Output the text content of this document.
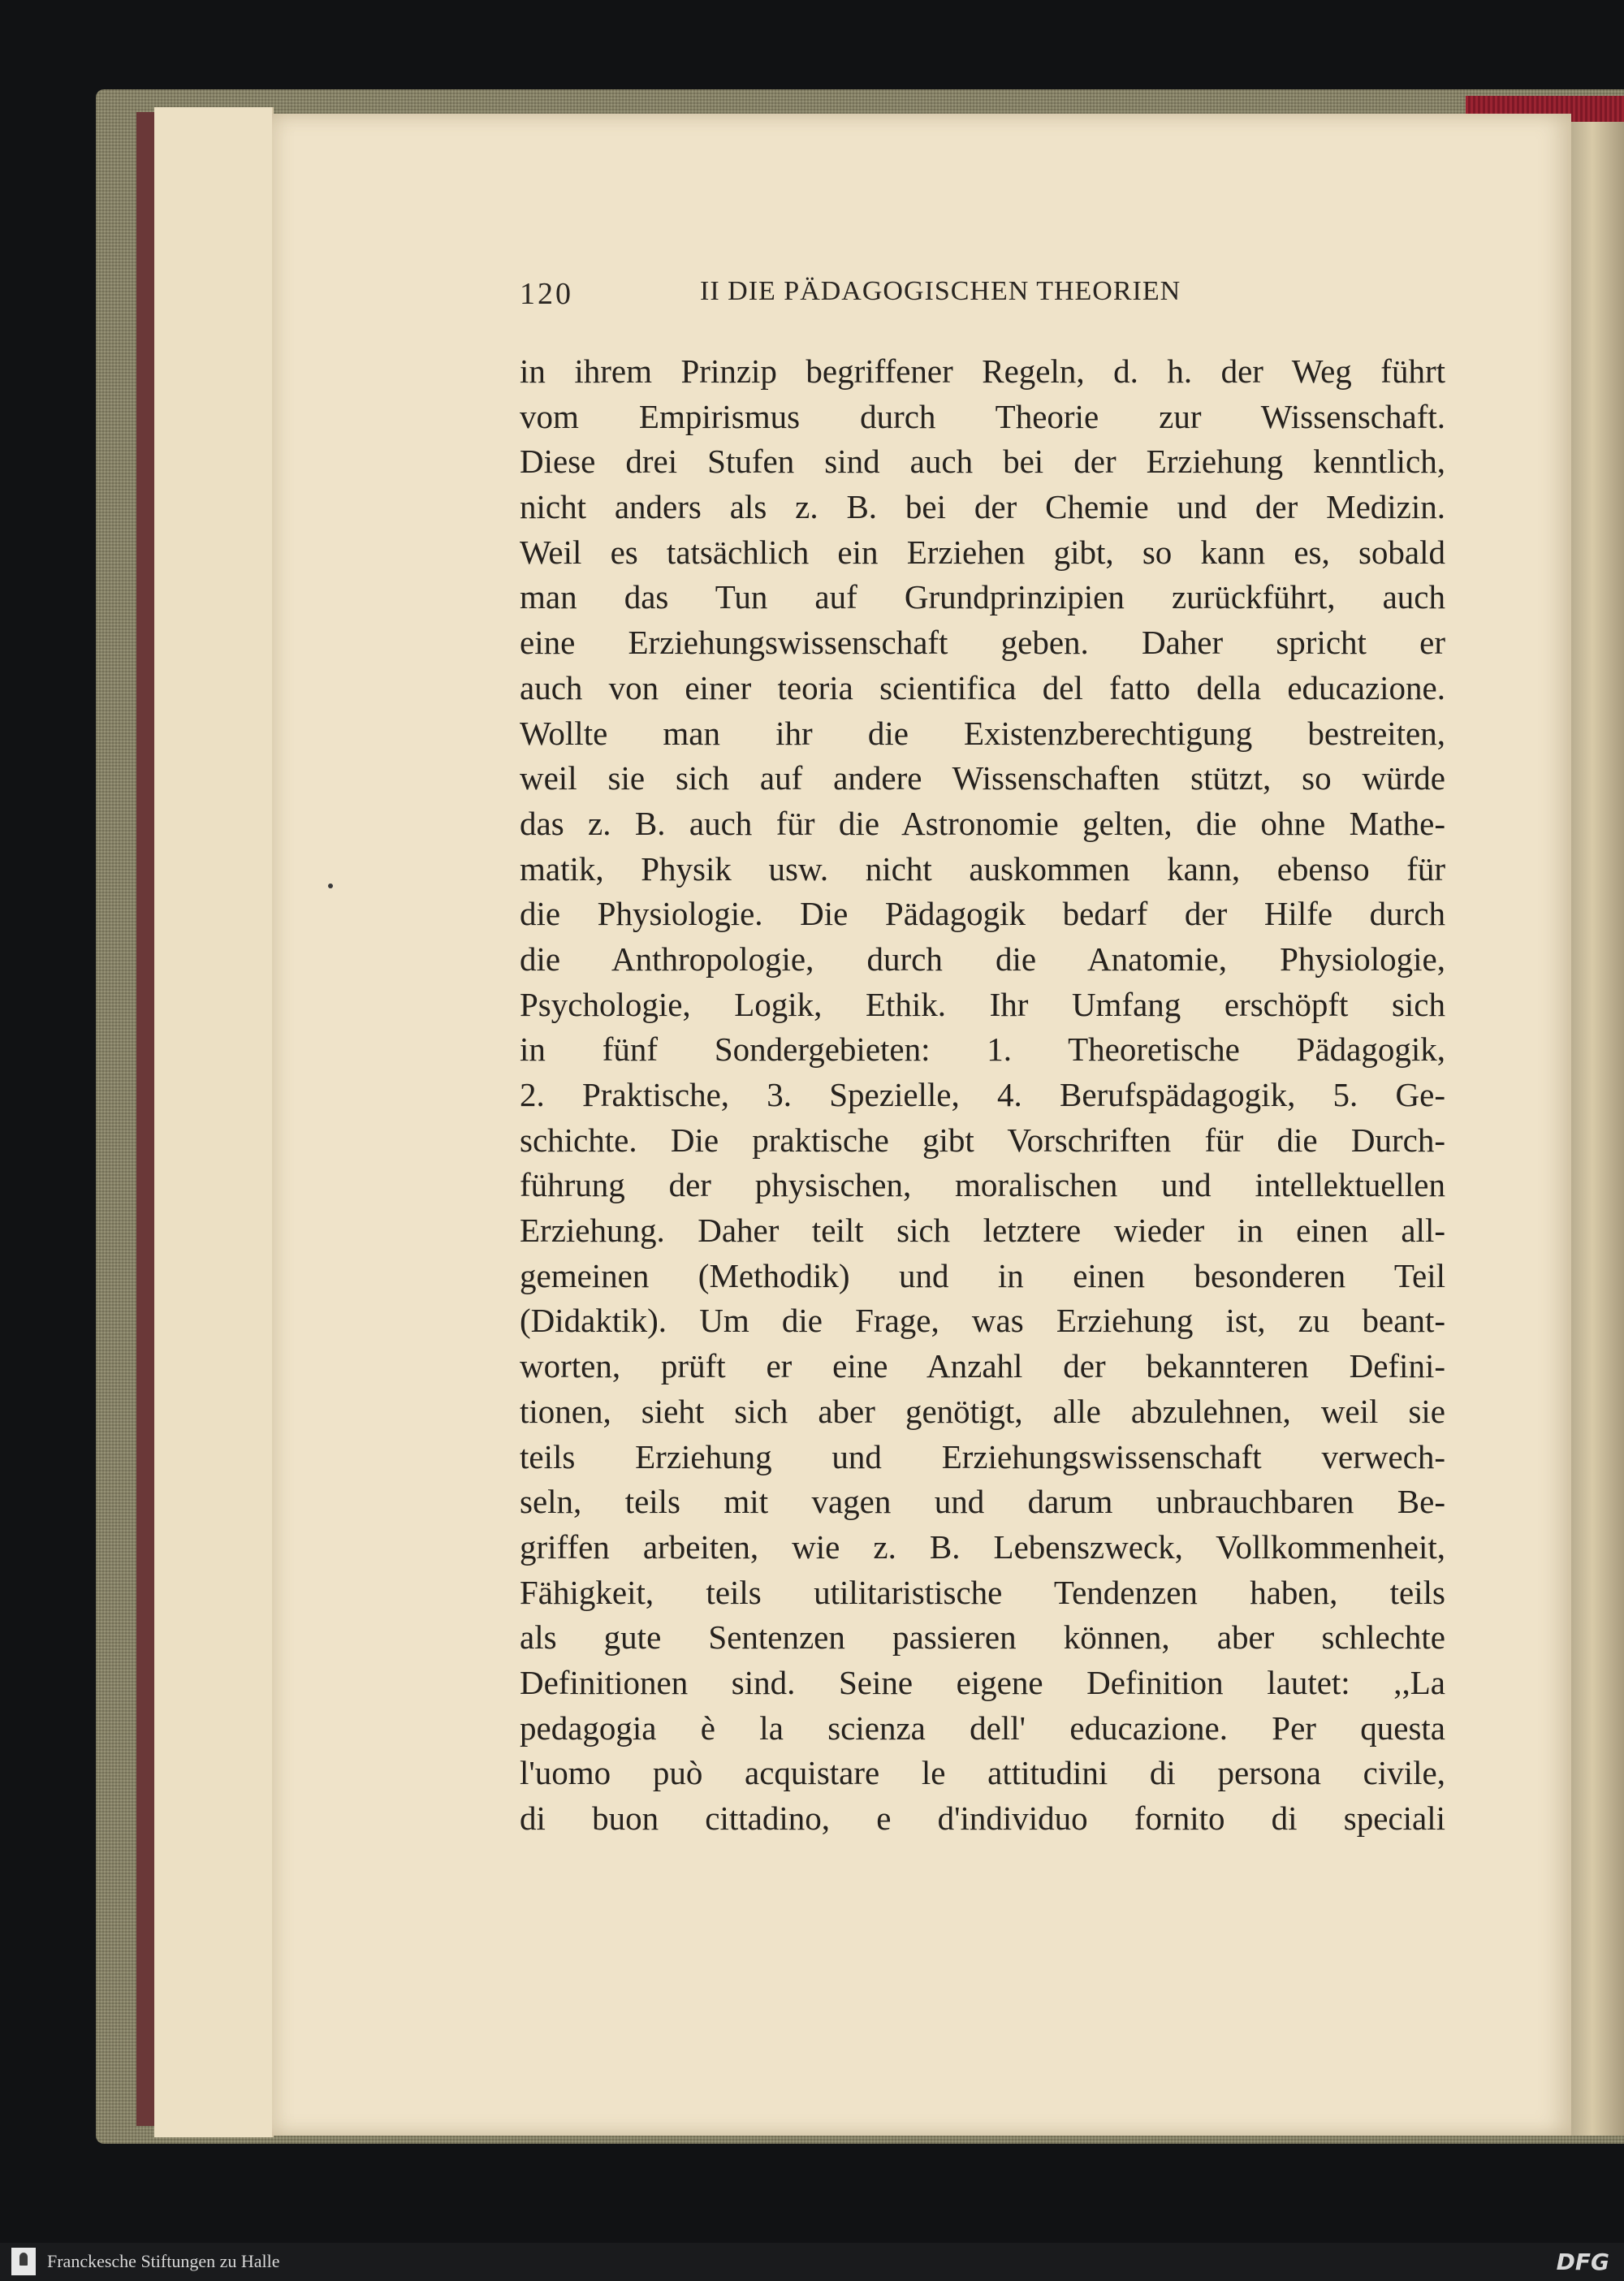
120	II DIE PÄDAGOGISCHEN THEORIEN
in ihrem Prinzip begriffener Regeln, d. h. der Weg führt
vom Empirismus durch Theorie zur Wissenschaft.
Diese drei Stufen sind auch bei der Erziehung kenntlich,
nicht anders als z. B. bei der Chemie und der Medizin.
Weil es tatsächlich ein Erziehen gibt, so kann es, sobald
man das Tun auf Grundprinzipien zurückführt, auch
eine Erziehungswissenschaft geben. Daher spricht er
auch von einer teoria scientifica del fatto della educazione.
Wollte man ihr die Existenzberechtigung bestreiten,
weil sie sich auf andere Wissenschaften stützt, so würde
das z. B. auch für die Astronomie gelten, die ohne Mathe-
matik, Physik usw. nicht auskommen kann, ebenso für
die Physiologie. Die Pädagogik bedarf der Hilfe durch
die Anthropologie, durch die Anatomie, Physiologie,
Psychologie, Logik, Ethik. Ihr Umfang erschöpft sich
in fünf Sondergebieten: 1. Theoretische Pädagogik,
2. Praktische, 3. Spezielle, 4. Berufspädagogik, 5. Ge-
schichte. Die praktische gibt Vorschriften für die Durch-
führung der physischen, moralischen und intellektuellen
Erziehung. Daher teilt sich letztere wieder in einen all-
gemeinen (Methodik) und in einen besonderen Teil
(Didaktik). Um die Frage, was Erziehung ist, zu beant-
worten, prüft er eine Anzahl der bekannteren Defini-
tionen, sieht sich aber genötigt, alle abzulehnen, weil sie
teils Erziehung und Erziehungswissenschaft verwech-
seln, teils mit vagen und darum unbrauchbaren Be-
griffen arbeiten, wie z. B. Lebenszweck, Vollkommenheit,
Fähigkeit, teils utilitaristische Tendenzen haben, teils
als gute Sentenzen passieren können, aber schlechte
Definitionen sind. Seine eigene Definition lautet: ,,La
pedagogia è la scienza dell' educazione. Per questa
l'uomo può acquistare le attitudini di persona civile,
di buon cittadino, e d'individuo fornito di speciali
Franckesche Stiftungen zu Halle	DFG
